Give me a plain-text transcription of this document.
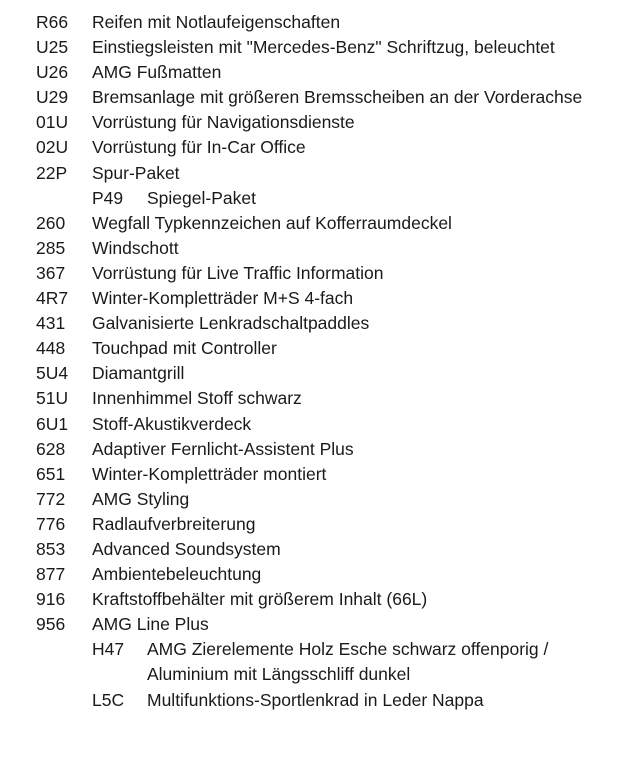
R66 Reifen mit Notlaufeigenschaften
U25 Einstiegsleisten mit "Mercedes-Benz" Schriftzug, beleuchtet
U26 AMG Fußmatten
U29 Bremsanlage mit größeren Bremsscheiben an der Vorderachse
01U Vorrüstung für Navigationsdienste
02U Vorrüstung für In-Car Office
22P Spur-Paket
P49 Spiegel-Paket
260 Wegfall Typkennzeichen auf Kofferraumdeckel
285 Windschott
367 Vorrüstung für Live Traffic Information
4R7 Winter-Kompletträder M+S 4-fach
431 Galvanisierte Lenkradschaltpaddles
448 Touchpad mit Controller
5U4 Diamantgrill
51U Innenhimmel Stoff schwarz
6U1 Stoff-Akustikverdeck
628 Adaptiver Fernlicht-Assistent Plus
651 Winter-Kompletträder montiert
772 AMG Styling
776 Radlaufverbreiterung
853 Advanced Soundsystem
877 Ambientebeleuchtung
916 Kraftstoffbehälter mit größerem Inhalt (66L)
956 AMG Line Plus
H47 AMG Zierelemente Holz Esche schwarz offenporig /
Aluminium mit Längsschliff dunkel
L5C Multifunktions-Sportlenkrad in Leder Nappa
